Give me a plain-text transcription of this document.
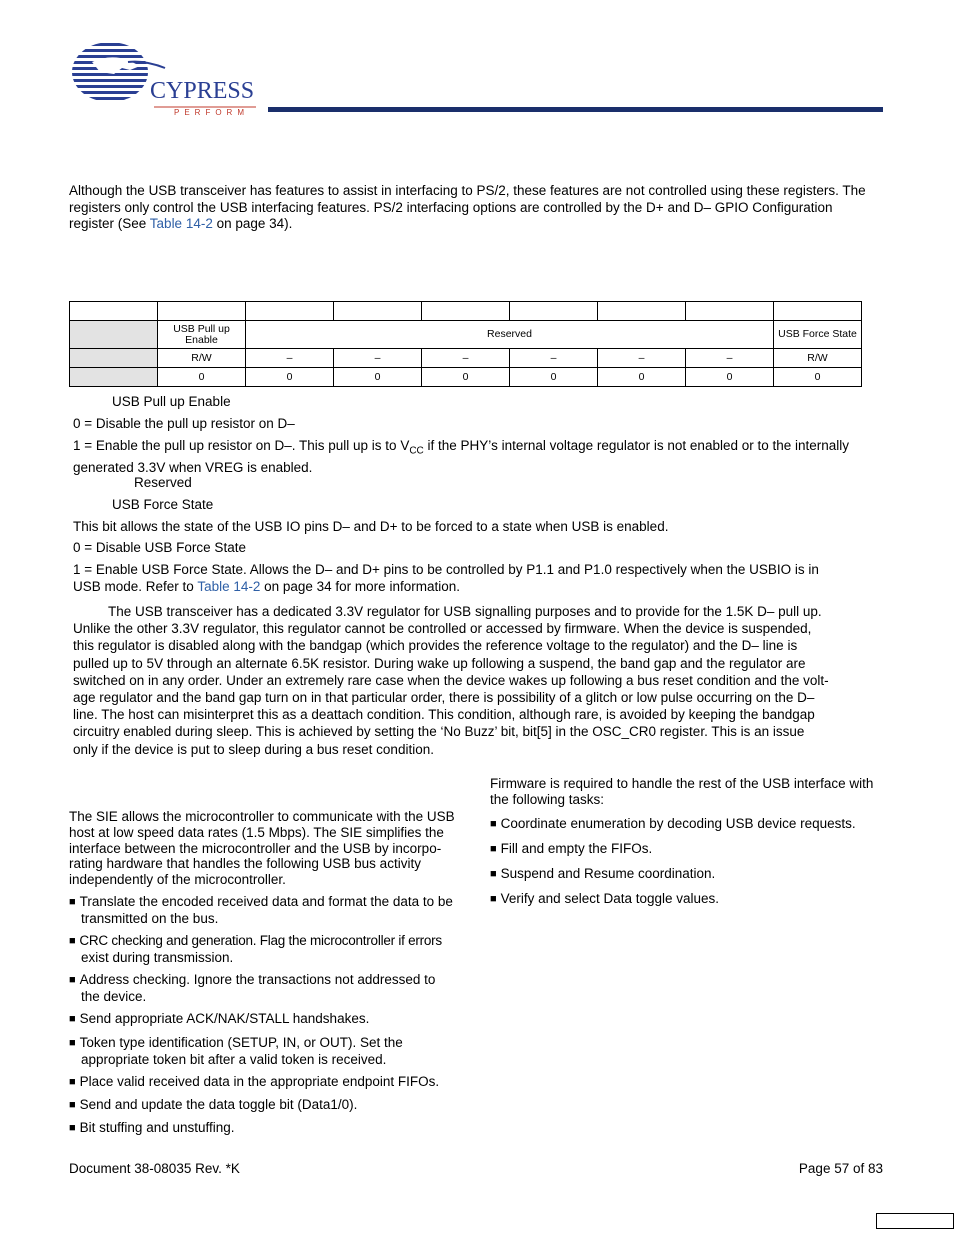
CYPRESS
PERFORM
Although the USB transceiver has features to assist in interfacing to PS/2, these features are not controlled using these registers. The
registers only control the USB interfacing features. PS/2 interfacing options are controlled by the D+ and D– GPIO Configuration
register (See Table 14-2 on page 34).

	USB Pull up Enable	Reserved						USB Force State
	R/W	–	–	–	–	–	–	R/W
	0	0	0	0	0	0	0	0
USB Pull up Enable
0 = Disable the pull up resistor on D–
1 = Enable the pull up resistor on D–. This pull up is to $V_{CC}$ if the PHY’s internal voltage regulator is not enabled or to the internally
generated 3.3V when VREG is enabled.
Reserved
USB Force State
This bit allows the state of the USB IO pins D– and D+ to be forced to a state when USB is enabled.
0 = Disable USB Force State
1 = Enable USB Force State. Allows the D– and D+ pins to be controlled by P1.1 and P1.0 respectively when the USBIO is in
USB mode. Refer to Table 14-2 on page 34 for more information.
The USB transceiver has a dedicated 3.3V regulator for USB signalling purposes and to provide for the 1.5K D– pull up.
Unlike the other 3.3V regulator, this regulator cannot be controlled or accessed by firmware. When the device is suspended,
this regulator is disabled along with the bandgap (which provides the reference voltage to the regulator) and the D– line is
pulled up to 5V through an alternate 6.5K resistor. During wake up following a suspend, the band gap and the regulator are
switched on in any order. Under an extremely rare case when the device wakes up following a bus reset condition and the volt-
age regulator and the band gap turn on in that particular order, there is possibility of a glitch or low pulse occurring on the D–
line. The host can misinterpret this as a deattach condition. This condition, although rare, is avoided by keeping the bandgap
circuitry enabled during sleep. This is achieved by setting the ‘No Buzz’ bit, bit[5] in the OSC_CR0 register. This is an issue
only if the device is put to sleep during a bus reset condition.
The SIE allows the microcontroller to communicate with the USB
host at low speed data rates (1.5 Mbps). The SIE simplifies the
interface between the microcontroller and the USB by incorpo-
rating hardware that handles the following USB bus activity
independently of the microcontroller.
■ Translate the encoded received data and format the data to be
transmitted on the bus.
■ CRC checking and generation. Flag the microcontroller if errors
exist during transmission.
■ Address checking. Ignore the transactions not addressed to
the device.
■ Send appropriate ACK/NAK/STALL handshakes.
■ Token type identification (SETUP, IN, or OUT). Set the
appropriate token bit after a valid token is received.
■ Place valid received data in the appropriate endpoint FIFOs.
■ Send and update the data toggle bit (Data1/0).
■ Bit stuffing and unstuffing.
Firmware is required to handle the rest of the USB interface with
the following tasks:
■ Coordinate enumeration by decoding USB device requests.
■ Fill and empty the FIFOs.
■ Suspend and Resume coordination.
■ Verify and select Data toggle values.
Document 38-08035 Rev. *K	Page 57 of 83
